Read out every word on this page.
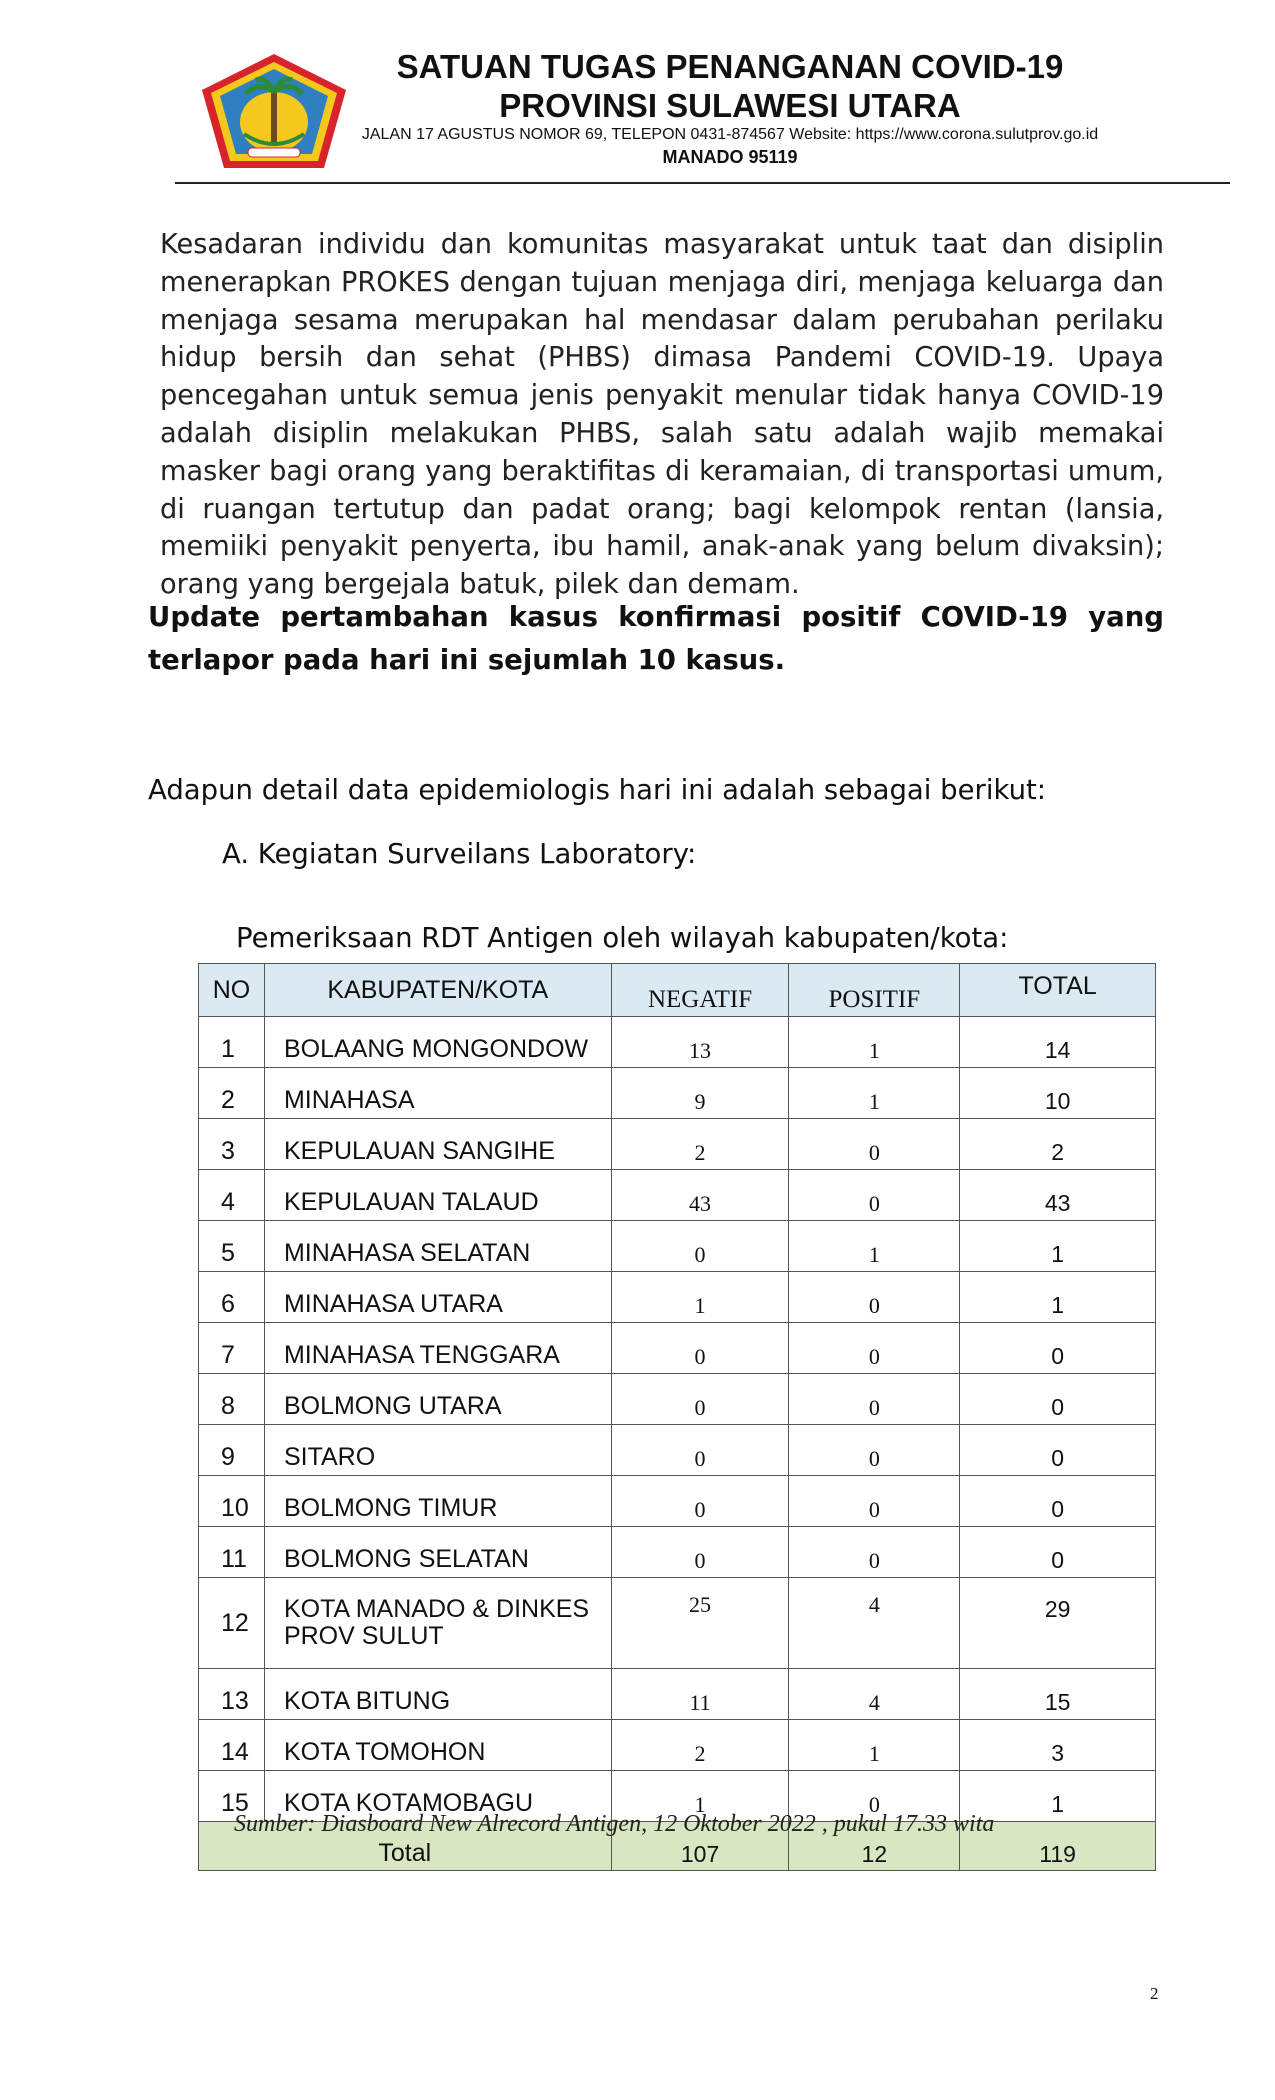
SATUAN TUGAS PENANGANAN COVID-19
PROVINSI SULAWESI UTARA
JALAN 17 AGUSTUS NOMOR 69, TELEPON 0431-874567 Website: https://www.corona.sulutprov.go.id
MANADO 95119
Kesadaran individu dan komunitas masyarakat untuk taat dan disiplin menerapkan PROKES dengan tujuan menjaga diri, menjaga keluarga dan menjaga sesama merupakan hal mendasar dalam perubahan perilaku hidup bersih dan sehat (PHBS) dimasa Pandemi COVID-19. Upaya pencegahan untuk semua jenis penyakit menular tidak hanya COVID-19 adalah disiplin melakukan PHBS, salah satu adalah wajib memakai masker bagi orang yang beraktifitas di keramaian, di transportasi umum, di ruangan tertutup dan padat orang; bagi kelompok rentan (lansia, memiiki penyakit penyerta, ibu hamil, anak-anak yang belum divaksin); orang yang bergejala batuk, pilek dan demam.
Update pertambahan kasus konfirmasi positif COVID-19 yang terlapor pada hari ini sejumlah 10 kasus.
Adapun detail data epidemiologis hari ini adalah sebagai berikut:
A. Kegiatan Surveilans Laboratory:
Pemeriksaan RDT Antigen oleh wilayah kabupaten/kota:
NO	KABUPATEN/KOTA	NEGATIF	POSITIF	TOTAL
1	BOLAANG MONGONDOW	13	1	14
2	MINAHASA	9	1	10
3	KEPULAUAN SANGIHE	2	0	2
4	KEPULAUAN TALAUD	43	0	43
5	MINAHASA SELATAN	0	1	1
6	MINAHASA UTARA	1	0	1
7	MINAHASA TENGGARA	0	0	0
8	BOLMONG UTARA	0	0	0
9	SITARO	0	0	0
10	BOLMONG TIMUR	0	0	0
11	BOLMONG SELATAN	0	0	0
12	KOTA MANADO & DINKES
PROV SULUT	25	4	29
13	KOTA BITUNG	11	4	15
14	KOTA TOMOHON	2	1	3
15	KOTA KOTAMOBAGU	1	0	1
Total		107	12	119
Sumber: Diasboard New Alrecord Antigen, 12 Oktober 2022 , pukul 17.33 wita
2
